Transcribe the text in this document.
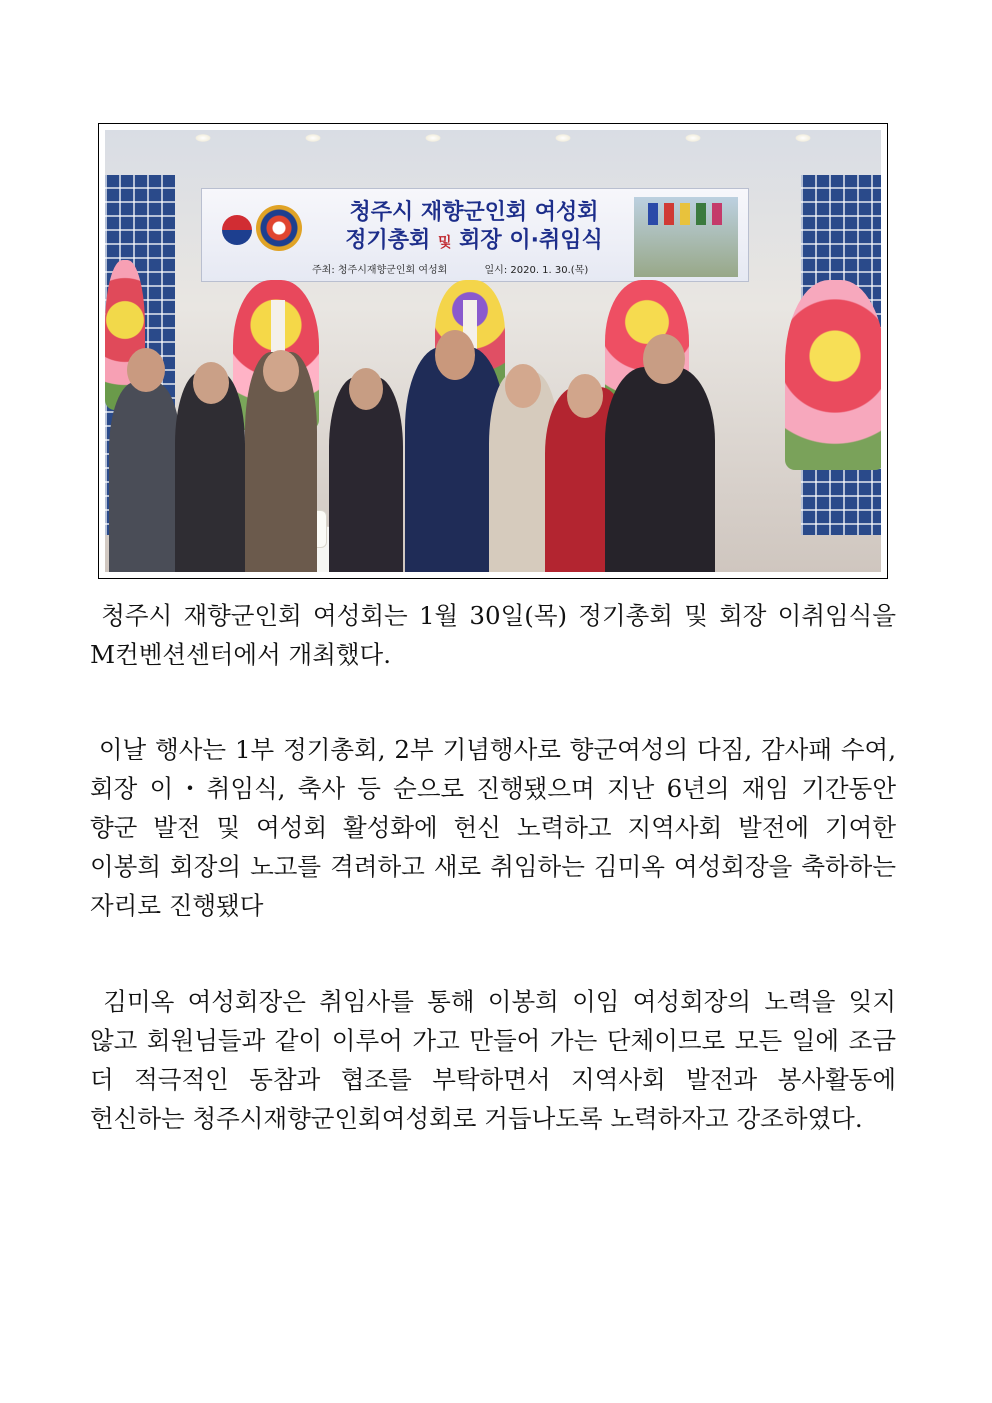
청주시 재향군인회 여성회
정기총회 및 회장 이·취임식
주최: 청주시재향군인회 여성회	일시: 2020. 1. 30.(목)

청주시 재향군인회 여성회는 1월 30일(목) 정기총회 및 회장 이취임식을 M컨벤션센터에서 개최했다.

이날 행사는 1부 정기총회, 2부 기념행사로 향군여성의 다짐, 감사패 수여, 회장 이・취임식, 축사 등 순으로 진행됐으며 지난 6년의 재임 기간동안 향군 발전 및 여성회 활성화에 헌신 노력하고 지역사회 발전에 기여한 이봉희 회장의 노고를 격려하고 새로 취임하는 김미옥 여성회장을 축하하는 자리로 진행됐다

김미옥 여성회장은 취임사를 통해 이봉희 이임 여성회장의 노력을 잊지 않고 회원님들과 같이 이루어 가고 만들어 가는 단체이므로 모든 일에 조금 더 적극적인 동참과 협조를 부탁하면서 지역사회 발전과 봉사활동에 헌신하는 청주시재향군인회여성회로 거듭나도록 노력하자고 강조하였다.
